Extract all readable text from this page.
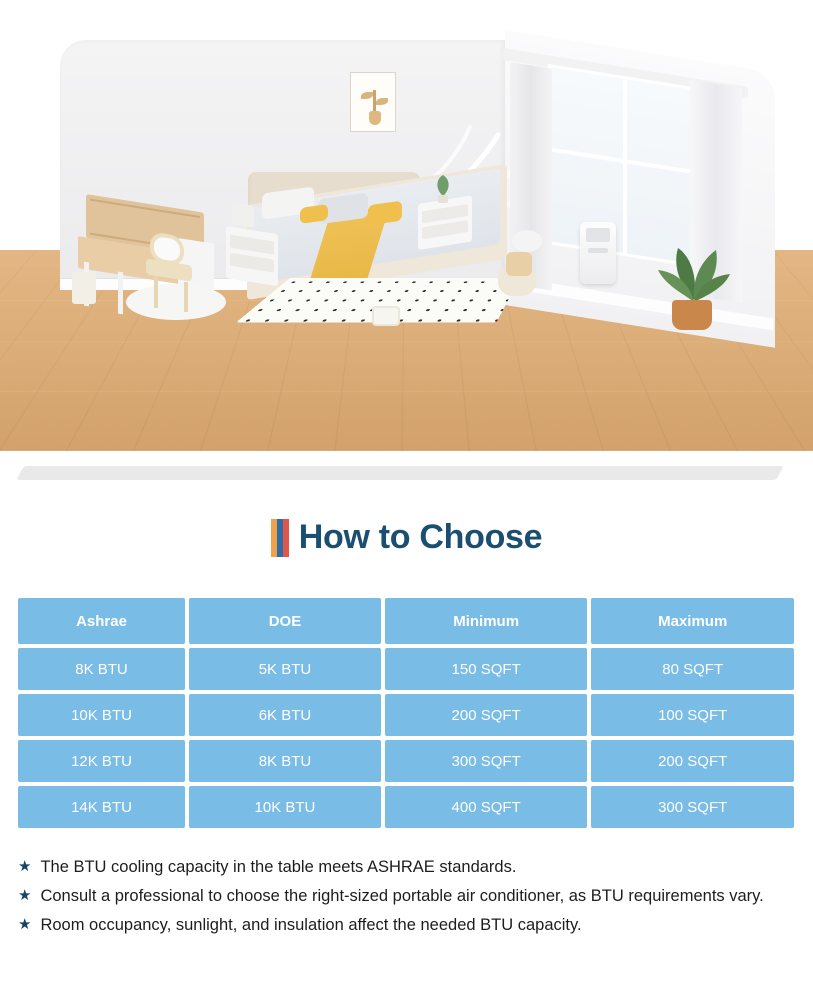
How to Choose
Ashrae	DOE	Minimum	Maximum
8K BTU	5K BTU	150 SQFT	80 SQFT
10K BTU	6K BTU	200 SQFT	100 SQFT
12K BTU	8K BTU	300 SQFT	200 SQFT
14K BTU	10K BTU	400 SQFT	300 SQFT
★ The BTU cooling capacity in the table meets ASHRAE standards.
★ Consult a professional to choose the right-sized portable air conditioner, as BTU requirements vary.
★ Room occupancy, sunlight, and insulation affect the needed BTU capacity.
